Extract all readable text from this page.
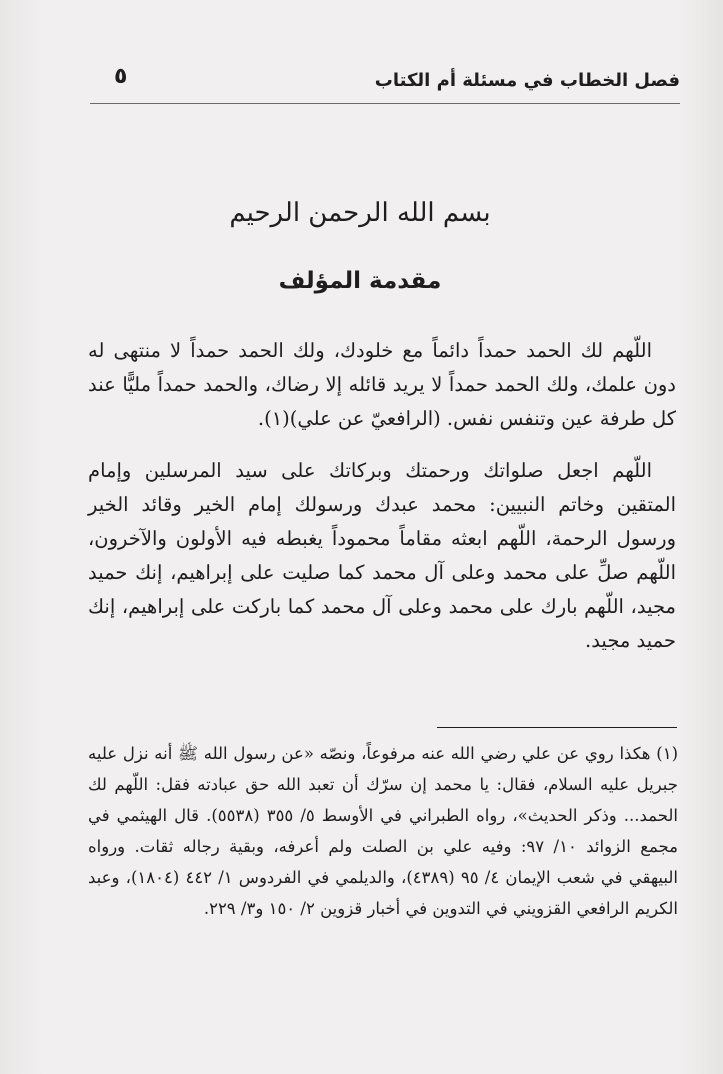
فصل الخطاب في مسئلة أم الكتاب
٥
بسم الله الرحمن الرحيم
مقدمة المؤلف

اللّهم لك الحمد حمداً دائماً مع خلودك، ولك الحمد حمداً لا منتهى له دون علمك، ولك الحمد حمداً لا يريد قائله إلا رضاك، والحمد حمداً مليًّا عند كل طرفة عين وتنفس نفس. (الرافعيّ عن علي)(١).

اللّهم اجعل صلواتك ورحمتك وبركاتك على سيد المرسلين وإمام المتقين وخاتم النبيين: محمد عبدك ورسولك إمام الخير وقائد الخير ورسول الرحمة، اللّهم ابعثه مقاماً محموداً يغبطه فيه الأولون والآخرون، اللّهم صلِّ على محمد وعلى آل محمد كما صليت على إبراهيم، إنك حميد مجيد، اللّهم بارك على محمد وعلى آل محمد كما باركت على إبراهيم، إنك حميد مجيد.

(١) هكذا روي عن علي رضي الله عنه مرفوعاً، ونصّه «عن رسول الله ﷺ أنه نزل عليه جبريل عليه السلام، فقال: يا محمد إن سرّك أن تعبد الله حق عبادته فقل: اللّهم لك الحمد... وذكر الحديث»، رواه الطبراني في الأوسط ٥/ ٣٥٥ (٥٥٣٨). قال الهيثمي في مجمع الزوائد ١٠/ ٩٧: وفيه علي بن الصلت ولم أعرفه، وبقية رجاله ثقات. ورواه البيهقي في شعب الإيمان ٤/ ٩٥ (٤٣٨٩)، والديلمي في الفردوس ١/ ٤٤٢ (١٨٠٤)، وعبد الكريم الرافعي القزويني في التدوين في أخبار قزوين ٢/ ١٥٠ و٣/ ٢٢٩.
